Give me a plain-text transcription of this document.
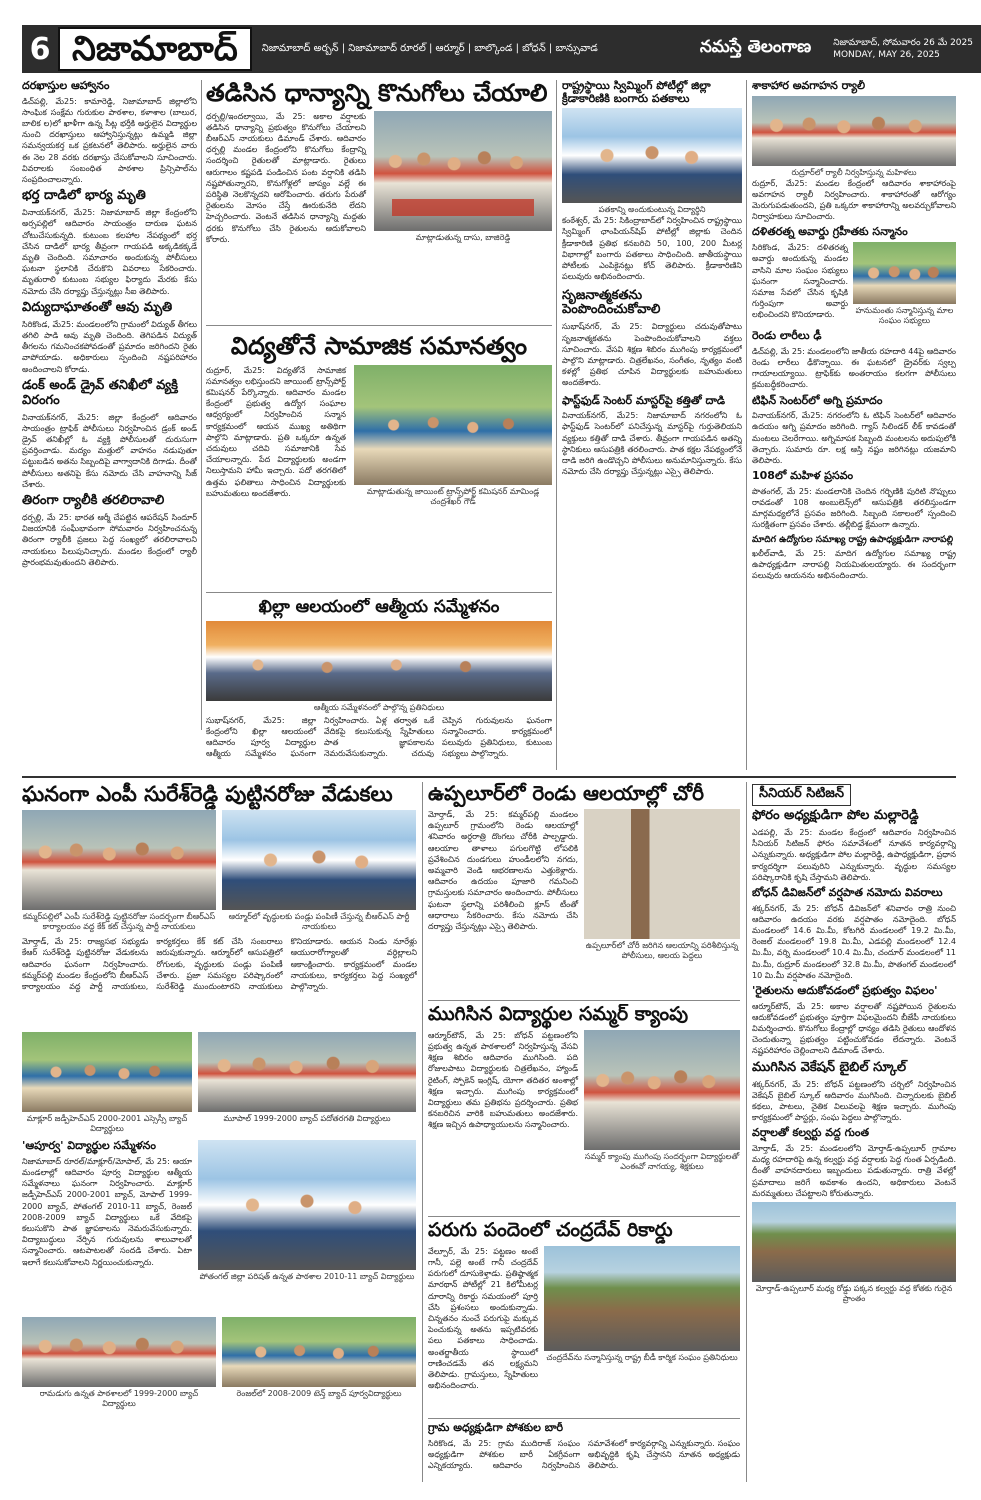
6 నిజామాబాద్	నిజామాబాద్ అర్బన్ | నిజామాబాద్ రూరల్ | ఆర్మూర్ | బాల్కొండ | బోధన్ | బాన్సువాడ	నమస్తే తెలంగాణ నిజామాబాద్, సోమవారం 26 మే 2025
MONDAY, MAY 26, 2025
దరఖాస్తుల ఆహ్వానం
డిచ్‌పల్లి, మే25: కామారెడ్డి, నిజామాబాద్ జిల్లాలోని సాంఘిక సంక్షేమ గురుకుల పాఠశాల, కళాశాల (బాలుర, బాలిక ల)లో ఖాళీగా ఉన్న సీట్ల భర్తీకి అర్హులైన విద్యార్థుల నుంచి దరఖాస్తులు ఆహ్వానిస్తున్నట్లు ఉమ్మడి జిల్లా సమన్వయకర్త ఒక ప్రకటనలో తెలిపారు. అర్హులైన వారు ఈ నెల 28 వరకు దరఖాస్తు చేసుకోవాలని సూచించారు. వివరాలకు సంబంధిత పాఠశాల ప్రిన్సిపాల్‌ను సంప్రదించాలన్నారు.
భర్త దాడిలో భార్య మృతి
వినాయక్‌నగర్, మే25: నిజామాబాద్ జిల్లా కేంద్రంలోని అర్సపల్లిలో ఆదివారం సాయంత్రం దారుణ ఘటన చోటుచేసుకున్నది. కుటుంబ కలహాల నేపథ్యంలో భర్త చేసిన దాడిలో భార్య తీవ్రంగా గాయపడి అక్కడికక్కడే మృతి చెందింది. సమాచారం అందుకున్న పోలీసులు ఘటనా స్థలానికి చేరుకొని వివరాలు సేకరించారు. మృతురాలి కుటుంబ సభ్యుల ఫిర్యాదు మేరకు కేసు నమోదు చేసి దర్యాప్తు చేస్తున్నట్లు సీఐ తెలిపారు.
విద్యుదాఘాతంతో ఆవు మృతి
సిరికొండ, మే25: మండలంలోని గ్రామంలో విద్యుత్ తీగలు తగిలి పాడి ఆవు మృతి చెందింది. తెగిపడిన విద్యుత్ తీగలను గమనించకపోవడంతో ప్రమాదం జరిగిందని రైతు వాపోయాడు. అధికారులు స్పందించి నష్టపరిహారం అందించాలని కోరాడు.
డంక్ అండ్ డ్రైవ్ తనిఖీలో వ్యక్తి విరంగం
వినాయక్‌నగర్, మే25: జిల్లా కేంద్రంలో ఆదివారం సాయంత్రం ట్రాఫిక్ పోలీసులు నిర్వహించిన డ్రంక్ అండ్ డ్రైవ్ తనిఖీల్లో ఓ వ్యక్తి పోలీసులతో దురుసుగా ప్రవర్తించాడు. మద్యం మత్తులో వాహనం నడుపుతూ పట్టుబడిన అతను సిబ్బందిపై వాగ్వాదానికి దిగాడు. దీంతో పోలీసులు అతనిపై కేసు నమోదు చేసి వాహనాన్ని సీజ్ చేశారు.
తిరంగా ర్యాలీకి తరలిరావాలి
ధర్పల్లి, మే 25: భారత ఆర్మీ చేపట్టిన ఆపరేషన్ సిందూర్ విజయానికి సంఘీభావంగా సోమవారం నిర్వహించనున్న తిరంగా ర్యాలీకి ప్రజలు పెద్ద సంఖ్యలో తరలిరావాలని నాయకులు పిలుపునిచ్చారు. మండల కేంద్రంలో ర్యాలీ ప్రారంభమవుతుందని తెలిపారు.
తడిసిన ధాన్యాన్ని కొనుగోలు చేయాలి
ధర్పల్లి/ఇందల్వాయి, మే 25: అకాల వర్షాలకు తడిసిన ధాన్యాన్ని ప్రభుత్వం కొనుగోలు చేయాలని బీఆర్ఎస్ నాయకులు డిమాండ్ చేశారు. ఆదివారం ధర్పల్లి మండల కేంద్రంలోని కొనుగోలు కేంద్రాన్ని సందర్శించి రైతులతో మాట్లాడారు. రైతులు ఆరుగాలం కష్టపడి పండించిన పంట వర్షానికి తడిసి నష్టపోతున్నారని, కొనుగోళ్లలో జాప్యం వల్లే ఈ పరిస్థితి నెలకొన్నదని ఆరోపించారు. తరుగు పేరుతో రైతులను మోసం చేస్తే ఊరుకునేది లేదని హెచ్చరించారు. వెంటనే తడిసిన ధాన్యాన్ని మద్దతు ధరకు కొనుగోలు చేసి రైతులను ఆదుకోవాలని కోరారు.	మాట్లాడుతున్న దాసు, బాజిరెడ్డి
విద్యతోనే సామాజిక సమానత్వం
రుద్రూర్, మే25: విద్యతోనే సామాజిక సమానత్వం లభిస్తుందని జాయింట్ ట్రాన్స్‌పోర్ట్ కమిషనర్ పేర్కొన్నారు. ఆదివారం మండల కేంద్రంలో ప్రభుత్వ ఉద్యోగ సంఘాల ఆధ్వర్యంలో నిర్వహించిన సన్మాన కార్యక్రమంలో ఆయన ముఖ్య అతిథిగా పాల్గొని మాట్లాడారు. ప్రతి ఒక్కరూ ఉన్నత చదువులు చదివి సమాజానికి సేవ చేయాలన్నారు. పేద విద్యార్థులకు అండగా నిలుస్తామని హామీ ఇచ్చారు. పదో తరగతిలో ఉత్తమ ఫలితాలు సాధించిన విద్యార్థులకు బహుమతులు అందజేశారు.	మాట్లాడుతున్న జాయింట్ ట్రాన్స్‌పోర్ట్ కమిషనర్ మామిండ్ల చంద్రశేఖర్ గౌడ్
ఖిల్లా ఆలయంలో ఆత్మీయ సమ్మేళనం
ఆత్మీయ సమ్మేళనంలో పాల్గొన్న ప్రతినిధులు
సుభాష్‌నగర్, మే25: జిల్లా కేంద్రంలోని ఖిల్లా ఆలయంలో ఆదివారం పూర్వ విద్యార్థుల ఆత్మీయ సమ్మేళనం ఘనంగా నిర్వహించారు. ఏళ్ల తర్వాత ఒకే వేదికపై కలుసుకున్న స్నేహితులు పాత జ్ఞాపకాలను నెమరువేసుకున్నారు. చదువు చెప్పిన గురువులను ఘనంగా సన్మానించారు. కార్యక్రమంలో పలువురు ప్రతినిధులు, కుటుంబ సభ్యులు పాల్గొన్నారు.
రాష్ట్రస్థాయి స్విమ్మింగ్ పోటీల్లో జిల్లా క్రీడాకారిణికి బంగారు పతకాలు
పతకాన్ని అందుకుంటున్న విద్యార్థిని
కంఠేశ్వర్, మే 25: సికింద్రాబాద్‌లో నిర్వహించిన రాష్ట్రస్థాయి స్విమ్మింగ్ ఛాంపియన్‌షిప్ పోటీల్లో జిల్లాకు చెందిన క్రీడాకారిణి ప్రతిభ కనబరిచి 50, 100, 200 మీటర్ల విభాగాల్లో బంగారు పతకాలు సాధించింది. జాతీయస్థాయి పోటీలకు ఎంపికైనట్లు కోచ్ తెలిపారు. క్రీడాకారిణిని పలువురు అభినందించారు.
సృజనాత్మకతను పెంపొందించుకోవాలి
సుభాష్‌నగర్, మే 25: విద్యార్థులు చదువుతోపాటు సృజనాత్మకతను పెంపొందించుకోవాలని వక్తలు సూచించారు. వేసవి శిక్షణ శిబిరం ముగింపు కార్యక్రమంలో పాల్గొని మాట్లాడారు. చిత్రలేఖనం, సంగీతం, నృత్యం వంటి కళల్లో ప్రతిభ చూపిన విద్యార్థులకు బహుమతులు అందజేశారు.
ఫాస్ట్‌ఫుడ్ సెంటర్ మాస్టర్‌పై కత్తితో దాడి
వినాయక్‌నగర్, మే25: నిజామాబాద్ నగరంలోని ఓ ఫాస్ట్‌ఫుడ్ సెంటర్‌లో పనిచేస్తున్న మాస్టర్‌పై గుర్తుతెలియని వ్యక్తులు కత్తితో దాడి చేశారు. తీవ్రంగా గాయపడిన అతన్ని స్థానికులు ఆసుపత్రికి తరలించారు. పాత కక్షల నేపథ్యంలోనే దాడి జరిగి ఉండొచ్చని పోలీసులు అనుమానిస్తున్నారు. కేసు నమోదు చేసి దర్యాప్తు చేస్తున్నట్లు ఎస్సై తెలిపారు.
శాకాహార అవగాహన ర్యాలీ
రుద్రూర్‌లో ర్యాలీ నిర్వహిస్తున్న మహిళలు
రుద్రూర్, మే25: మండల కేంద్రంలో ఆదివారం శాకాహారంపై అవగాహన ర్యాలీ నిర్వహించారు. శాకాహారంతో ఆరోగ్యం మెరుగుపడుతుందని, ప్రతి ఒక్కరూ శాకాహారాన్ని అలవర్చుకోవాలని నిర్వాహకులు సూచించారు.
దళితరత్న అవార్డు గ్రహీతకు సన్మానం
సిరికొండ, మే25: దళితరత్న అవార్డు అందుకున్న మండల వాసిని మాల సంఘం సభ్యులు ఘనంగా సన్మానించారు. సమాజ సేవలో చేసిన కృషికి గుర్తింపుగా అవార్డు లభించిందని కొనియాడారు.	హనుమంతు సన్మానిస్తున్న మాల సంఘం సభ్యులు
రెండు లారీలు ఢీ
డిచ్‌పల్లి, మే 25: మండలంలోని జాతీయ రహదారి 44పై ఆదివారం రెండు లారీలు ఢీకొన్నాయి. ఈ ఘటనలో డ్రైవర్‌కు స్వల్ప గాయాలయ్యాయి. ట్రాఫిక్‌కు అంతరాయం కలగగా పోలీసులు క్రమబద్ధీకరించారు.
టిఫిన్ సెంటర్‌లో అగ్ని ప్రమాదం
వినాయక్‌నగర్, మే25: నగరంలోని ఓ టిఫిన్ సెంటర్‌లో ఆదివారం ఉదయం అగ్ని ప్రమాదం జరిగింది. గ్యాస్ సిలిండర్ లీక్ కావడంతో మంటలు చెలరేగాయి. అగ్నిమాపక సిబ్బంది మంటలను అదుపులోకి తెచ్చారు. సుమారు రూ. లక్ష ఆస్తి నష్టం జరిగినట్లు యజమాని తెలిపారు.
108లో మహిళ ప్రసవం
పొతంగల్, మే 25: మండలానికి చెందిన గర్భిణికి పురిటి నొప్పులు రావడంతో 108 అంబులెన్స్‌లో ఆసుపత్రికి తరలిస్తుండగా మార్గమధ్యలోనే ప్రసవం జరిగింది. సిబ్బంది సకాలంలో స్పందించి సురక్షితంగా ప్రసవం చేశారు. తల్లీబిడ్డ క్షేమంగా ఉన్నారు.
మాదిగ ఉద్యోగుల సమాఖ్య రాష్ట్ర ఉపాధ్యక్షుడిగా నారాపల్లి
ఖలీల్‌వాడి, మే 25: మాదిగ ఉద్యోగుల సమాఖ్య రాష్ట్ర ఉపాధ్యక్షుడిగా నారాపల్లి నియమితులయ్యారు. ఈ సందర్భంగా పలువురు ఆయనను అభినందించారు.
ఘనంగా ఎంపీ సురేశ్‌రెడ్డి పుట్టినరోజు వేడుకలు
కమ్మర్‌పల్లిలో ఎంపీ సురేశ్‌రెడ్డి పుట్టినరోజు సందర్భంగా బీఆర్ఎస్ కార్యాలయం వద్ద కేక్ కట్ చేస్తున్న పార్టీ నాయకులు
ఆర్మూర్‌లో వృద్ధులకు పండ్లు పంపిణీ చేస్తున్న బీఆర్ఎస్ పార్టీ నాయకులు
మోర్తాడ్, మే 25: రాజ్యసభ సభ్యుడు కేఆర్ సురేశ్‌రెడ్డి పుట్టినరోజు వేడుకలను ఆదివారం ఘనంగా నిర్వహించారు. కమ్మర్‌పల్లి మండల కేంద్రంలోని బీఆర్ఎస్ కార్యాలయం వద్ద పార్టీ నాయకులు, కార్యకర్తలు కేక్ కట్ చేసి సంబరాలు జరుపుకున్నారు. ఆర్మూర్‌లో ఆసుపత్రిలో రోగులకు, వృద్ధులకు పండ్లు పంపిణీ చేశారు. ప్రజా సమస్యల పరిష్కారంలో సురేశ్‌రెడ్డి ముందుంటారని నాయకులు కొనియాడారు. ఆయన నిండు నూరేళ్లు ఆయురారోగ్యాలతో వర్ధిల్లాలని ఆకాంక్షించారు. కార్యక్రమంలో మండల నాయకులు, కార్యకర్తలు పెద్ద సంఖ్యలో పాల్గొన్నారు.
మాక్లూర్ జడ్పీహెచ్ఎస్ 2000-2001 ఎస్సెస్సీ బ్యాచ్ విద్యార్థులు
మూపాల్ 1999-2000 బ్యాచ్ పదోతరగతి విద్యార్థులు
'ఆపూర్వ' విద్యార్థుల సమ్మేళనం
నిజామాబాద్ రూరల్/మాక్లూర్/మోపాల్, మే 25: ఆయా మండలాల్లో ఆదివారం పూర్వ విద్యార్థుల ఆత్మీయ సమ్మేళనాలు ఘనంగా నిర్వహించారు. మాక్లూర్ జడ్పీహెచ్ఎస్ 2000-2001 బ్యాచ్, మోపాల్ 1999-2000 బ్యాచ్, పోతంగల్ 2010-11 బ్యాచ్, రెంజల్ 2008-2009 బ్యాచ్ విద్యార్థులు ఒకే వేదికపై కలుసుకొని పాత జ్ఞాపకాలను నెమరువేసుకున్నారు. విద్యాబుద్ధులు నేర్పిన గురువులను శాలువాలతో సన్మానించారు. ఆటపాటలతో సందడి చేశారు. ఏటా ఇలాగే కలుసుకోవాలని నిర్ణయించుకున్నారు.
పోతంగల్ జిల్లా పరిషత్ ఉన్నత పాఠశాల 2010-11 బ్యాచ్ విద్యార్థులు
రామడుగు ఉన్నత పాఠశాలలో 1999-2000 బ్యాచ్ విద్యార్థులు
రెంజల్‌లో 2008-2009 టెన్త్ బ్యాచ్ పూర్వవిద్యార్థులు
ఉప్పలూర్‌లో రెండు ఆలయాల్లో చోరీ
మోర్తాడ్, మే 25: కమ్మర్‌పల్లి మండలం ఉప్పలూర్ గ్రామంలోని రెండు ఆలయాల్లో శనివారం అర్ధరాత్రి దొంగలు చోరీకి పాల్పడ్డారు. ఆలయాల తాళాలు పగులగొట్టి లోపలికి ప్రవేశించిన దుండగులు హుండీలలోని నగదు, అమ్మవారి వెండి ఆభరణాలను ఎత్తుకెళ్లారు. ఆదివారం ఉదయం పూజారి గమనించి గ్రామస్తులకు సమాచారం అందించారు. పోలీసులు ఘటనా స్థలాన్ని పరిశీలించి క్లూస్ టీంతో ఆధారాలు సేకరించారు. కేసు నమోదు చేసి దర్యాప్తు చేస్తున్నట్లు ఎస్సై తెలిపారు.
ఉప్పలూర్‌లో చోరీ జరిగిన ఆలయాన్ని పరిశీలిస్తున్న పోలీసులు, ఆలయ పెద్దలు
ముగిసిన విద్యార్థుల సమ్మర్ క్యాంపు
ఆర్మూర్‌టౌన్, మే 25: బోధన్ పట్టణంలోని ప్రభుత్వ ఉన్నత పాఠశాలలో నిర్వహిస్తున్న వేసవి శిక్షణ శిబిరం ఆదివారం ముగిసింది. పది రోజులపాటు విద్యార్థులకు చిత్రలేఖనం, హ్యాండ్ రైటింగ్, స్పోకెన్ ఇంగ్లిష్, యోగా తదితర అంశాల్లో శిక్షణ ఇచ్చారు. ముగింపు కార్యక్రమంలో విద్యార్థులు తమ ప్రతిభను ప్రదర్శించారు. ప్రతిభ కనబరిచిన వారికి బహుమతులు అందజేశారు. శిక్షణ ఇచ్చిన ఉపాధ్యాయులను సన్మానించారు.
సమ్మర్ క్యాంపు ముగింపు సందర్భంగా విద్యార్థులతో ఎంఈవో నాగయ్య, శిక్షకులు
పరుగు పందెంలో చంద్రదేవ్ రికార్డు
వేల్పూర్, మే 25: పట్టణం అంటే గానీ, పల్లె అంటే గానీ చంద్రదేవ్ పరుగులో దూసుకెళ్తాడు. ప్రతిష్ఠాత్మక మారథాన్ పోటీల్లో 21 కిలోమీటర్ల దూరాన్ని రికార్డు సమయంలో పూర్తి చేసి ప్రశంసలు అందుకున్నాడు. చిన్నతనం నుంచే పరుగుపై మక్కువ పెంచుకున్న అతను ఇప్పటివరకు పలు పతకాలు సాధించాడు. అంతర్జాతీయ స్థాయిలో రాణించడమే తన లక్ష్యమని తెలిపాడు. గ్రామస్తులు, స్నేహితులు అభినందించారు.
చంద్రదేవ్‌ను సన్మానిస్తున్న రాష్ట్ర బీడీ కార్మిక సంఘం ప్రతినిధులు
గ్రామ అధ్యక్షుడిగా పోశకుల బారీ
సిరికొండ, మే 25: గ్రామ ముదిరాజ్ సంఘం అధ్యక్షుడిగా పోశకుల బారీ ఏకగ్రీవంగా ఎన్నికయ్యారు. ఆదివారం నిర్వహించిన సమావేశంలో కార్యవర్గాన్ని ఎన్నుకున్నారు. సంఘం అభివృద్ధికి కృషి చేస్తానని నూతన అధ్యక్షుడు తెలిపారు.
సీనియర్ సిటిజన్
ఫోరం అధ్యక్షుడిగా పోల మల్లారెడ్డి
ఎడపల్లి, మే 25: మండల కేంద్రంలో ఆదివారం నిర్వహించిన సీనియర్ సిటిజన్ ఫోరం సమావేశంలో నూతన కార్యవర్గాన్ని ఎన్నుకున్నారు. అధ్యక్షుడిగా పోల మల్లారెడ్డి, ఉపాధ్యక్షుడిగా, ప్రధాన కార్యదర్శిగా పలువురిని ఎన్నుకున్నారు. వృద్ధుల సమస్యల పరిష్కారానికి కృషి చేస్తామని తెలిపారు.
బోధన్ డివిజన్‌లో వర్షపాత నమోదు వివరాలు
శక్కర్‌నగర్, మే 25: బోధన్ డివిజన్‌లో శనివారం రాత్రి నుంచి ఆదివారం ఉదయం వరకు వర్షపాతం నమోదైంది. బోధన్ మండలంలో 14.6 మి.మీ, కోటగిరి మండలంలో 19.2 మి.మీ, రెంజల్ మండలంలో 19.8 మి.మీ, ఎడపల్లి మండలంలో 12.4 మి.మీ, వర్ని మండలంలో 10.4 మి.మీ, చందూర్ మండలంలో 11 మి.మీ, రుద్రూర్ మండలంలో 32.8 మి.మీ, పొతంగల్ మండలంలో 10 మి.మీ వర్షపాతం నమోదైంది.
'రైతులను ఆదుకోవడంలో ప్రభుత్వం విఫలం'
ఆర్మూర్‌టౌన్, మే 25: అకాల వర్షాలతో నష్టపోయిన రైతులను ఆదుకోవడంలో ప్రభుత్వం పూర్తిగా విఫలమైందని బీజేపీ నాయకులు విమర్శించారు. కొనుగోలు కేంద్రాల్లో ధాన్యం తడిసి రైతులు ఆందోళన చెందుతున్నా ప్రభుత్వం పట్టించుకోవడం లేదన్నారు. వెంటనే నష్టపరిహారం చెల్లించాలని డిమాండ్ చేశారు.
ముగిసిన వెకేషన్ బైబిల్ స్కూల్
శక్కర్‌నగర్, మే 25: బోధన్ పట్టణంలోని చర్చిలో నిర్వహించిన వెకేషన్ బైబిల్ స్కూల్ ఆదివారం ముగిసింది. చిన్నారులకు బైబిల్ కథలు, పాటలు, నైతిక విలువలపై శిక్షణ ఇచ్చారు. ముగింపు కార్యక్రమంలో పాస్టర్లు, సంఘ పెద్దలు పాల్గొన్నారు.
వర్షాలతో కల్వర్టు వద్ద గుంత
మోర్తాడ్, మే 25: మండలంలోని మోర్తాడ్-ఉప్పలూర్ గ్రామాల మధ్య రహదారిపై ఉన్న కల్వర్టు వద్ద వర్షాలకు పెద్ద గుంత ఏర్పడింది. దీంతో వాహనదారులు ఇబ్బందులు పడుతున్నారు. రాత్రి వేళల్లో ప్రమాదాలు జరిగే అవకాశం ఉందని, అధికారులు వెంటనే మరమ్మతులు చేపట్టాలని కోరుతున్నారు.
మోర్తాడ్-ఉప్పలూర్ మధ్య రోడ్డు పక్కన కల్వర్టు వద్ద కోతకు గురైన ప్రాంతం
